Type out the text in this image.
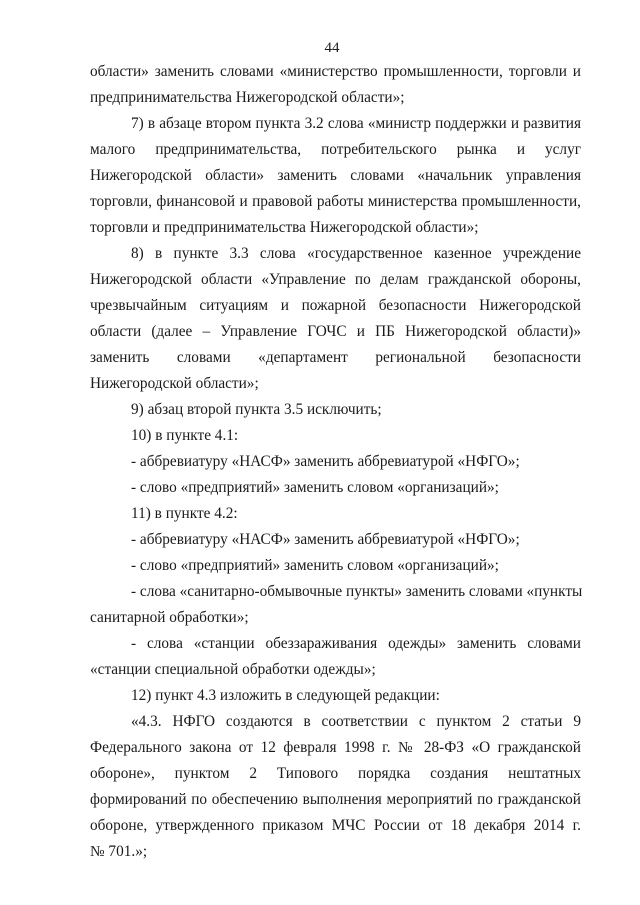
44
области» заменить словами «министерство промышленности, торговли и
предпринимательства Нижегородской области»;
7) в абзаце втором пункта 3.2 слова «министр поддержки и развития
малого предпринимательства, потребительского рынка и услуг
Нижегородской области» заменить словами «начальник управления
торговли, финансовой и правовой работы министерства промышленности,
торговли и предпринимательства Нижегородской области»;
8) в пункте 3.3 слова «государственное казенное учреждение
Нижегородской области «Управление по делам гражданской обороны,
чрезвычайным ситуациям и пожарной безопасности Нижегородской
области (далее – Управление ГОЧС и ПБ Нижегородской области)»
заменить словами «департамент региональной безопасности
Нижегородской области»;
9) абзац второй пункта 3.5 исключить;
10) в пункте 4.1:
- аббревиатуру «НАСФ» заменить аббревиатурой «НФГО»;
- слово «предприятий» заменить словом «организаций»;
11) в пункте 4.2:
- аббревиатуру «НАСФ» заменить аббревиатурой «НФГО»;
- слово «предприятий» заменить словом «организаций»;
- слова «санитарно-обмывочные пункты» заменить словами «пункты
санитарной обработки»;
- слова «станции обеззараживания одежды» заменить словами
«станции специальной обработки одежды»;
12) пункт 4.3 изложить в следующей редакции:
«4.3. НФГО создаются в соответствии с пунктом 2 статьи 9
Федерального закона от 12 февраля 1998 г. № 28-ФЗ «О гражданской
обороне», пунктом 2 Типового порядка создания нештатных
формирований по обеспечению выполнения мероприятий по гражданской
обороне, утвержденного приказом МЧС России от 18 декабря 2014 г.
№ 701.»;
